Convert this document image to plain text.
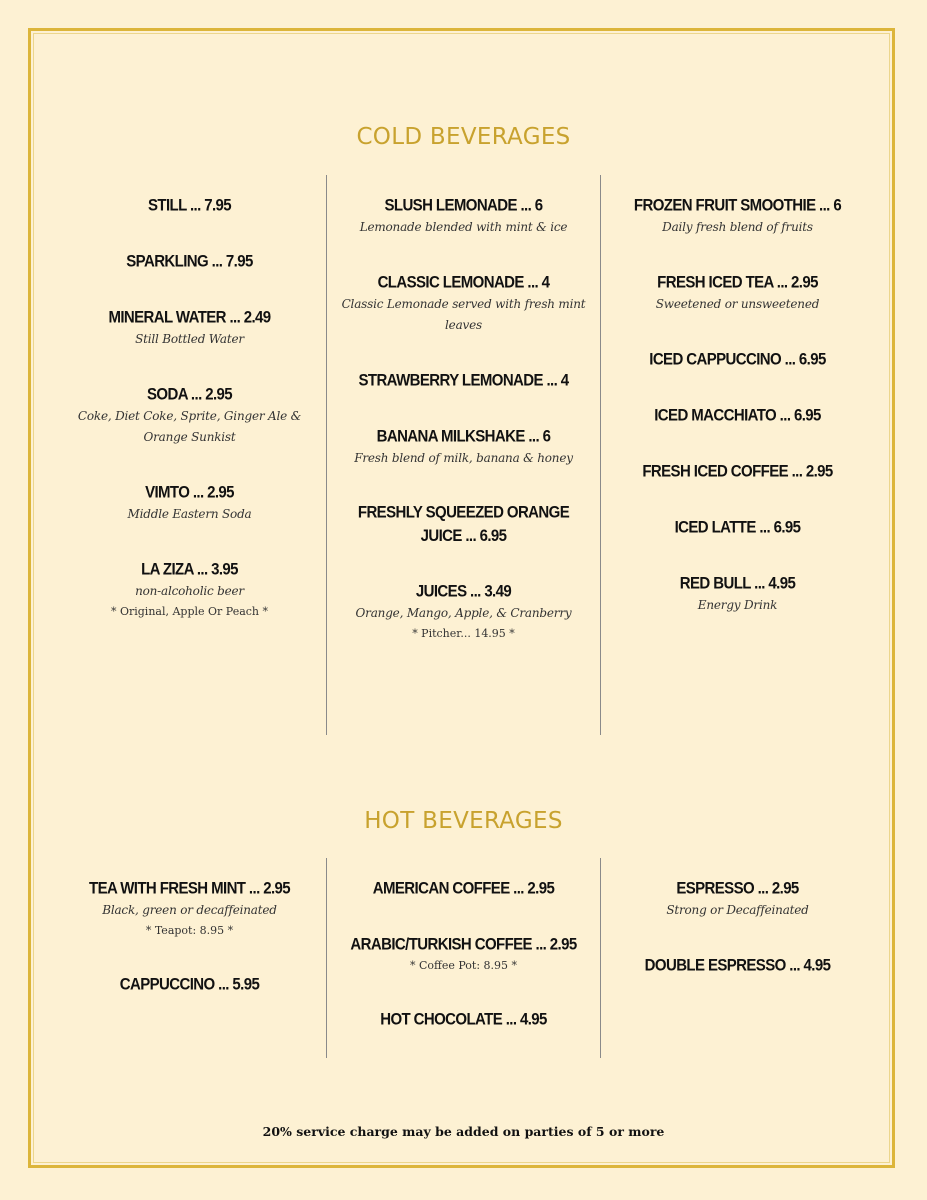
COLD BEVERAGES
STILL ... 7.95
SPARKLING ... 7.95
MINERAL WATER ... 2.49
Still Bottled Water
SODA ... 2.95
Coke, Diet Coke, Sprite, Ginger Ale & Orange Sunkist
VIMTO ... 2.95
Middle Eastern Soda
LA ZIZA ... 3.95
non-alcoholic beer
* Original, Apple Or Peach *
SLUSH LEMONADE ... 6
Lemonade blended with mint & ice
CLASSIC LEMONADE ... 4
Classic Lemonade served with fresh mint leaves
STRAWBERRY LEMONADE ... 4
BANANA MILKSHAKE ... 6
Fresh blend of milk, banana & honey
FRESHLY SQUEEZED ORANGE JUICE ... 6.95
JUICES ... 3.49
Orange, Mango, Apple, & Cranberry
* Pitcher... 14.95 *
FROZEN FRUIT SMOOTHIE ... 6
Daily fresh blend of fruits
FRESH ICED TEA ... 2.95
Sweetened or unsweetened
ICED CAPPUCCINO ... 6.95
ICED MACCHIATO ... 6.95
FRESH ICED COFFEE ... 2.95
ICED LATTE ... 6.95
RED BULL ... 4.95
Energy Drink
HOT BEVERAGES
TEA WITH FRESH MINT ... 2.95
Black, green or decaffeinated
* Teapot: 8.95 *
CAPPUCCINO ... 5.95
AMERICAN COFFEE ... 2.95
ARABIC/TURKISH COFFEE ... 2.95
* Coffee Pot: 8.95 *
HOT CHOCOLATE ... 4.95
ESPRESSO ... 2.95
Strong or Decaffeinated
DOUBLE ESPRESSO ... 4.95
20% service charge may be added on parties of 5 or more
